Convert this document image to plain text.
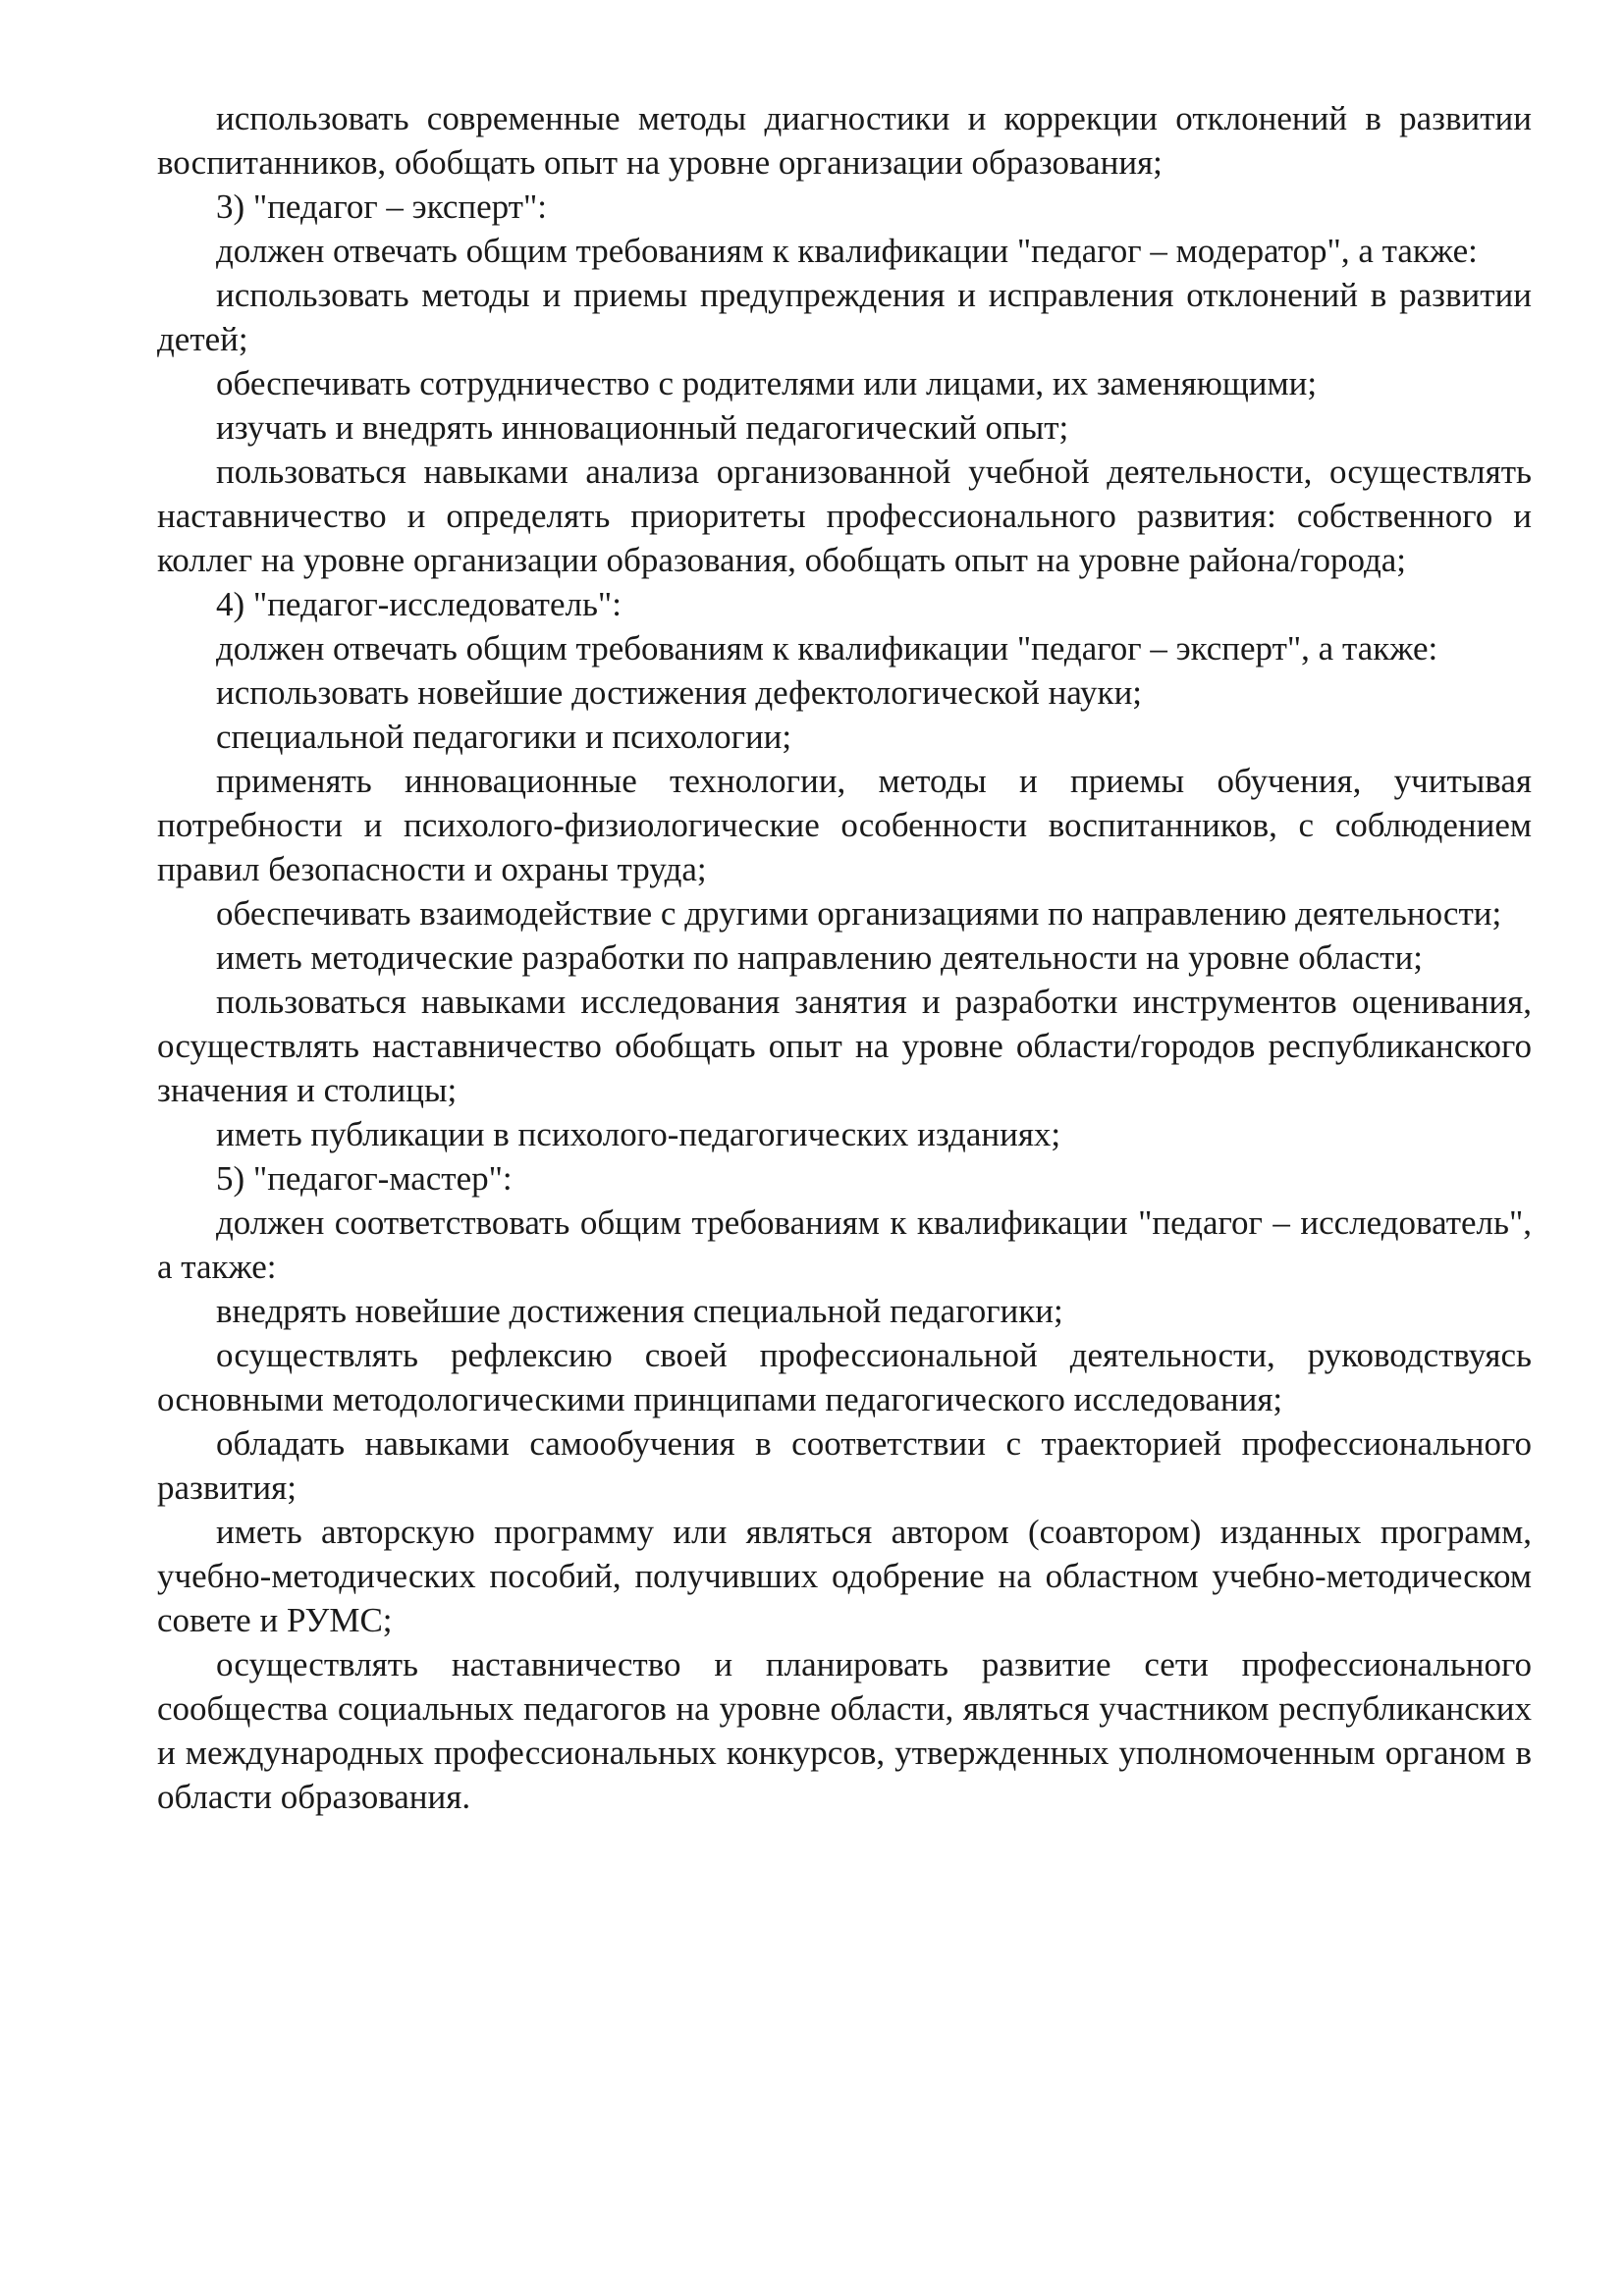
использовать современные методы диагностики и коррекции отклонений в развитии воспитанников, обобщать опыт на уровне организации образования;

3) "педагог – эксперт":

должен отвечать общим требованиям к квалификации "педагог – модератор", а также:

использовать методы и приемы предупреждения и исправления отклонений в развитии детей;

обеспечивать сотрудничество с родителями или лицами, их заменяющими;

изучать и внедрять инновационный педагогический опыт;

пользоваться навыками анализа организованной учебной деятельности, осуществлять наставничество и определять приоритеты профессионального развития: собственного и коллег на уровне организации образования, обобщать опыт на уровне района/города;

4) "педагог-исследователь":

должен отвечать общим требованиям к квалификации "педагог – эксперт", а также:

использовать новейшие достижения дефектологической науки;

специальной педагогики и психологии;

применять инновационные технологии, методы и приемы обучения, учитывая потребности и психолого-физиологические особенности воспитанников, с соблюдением правил безопасности и охраны труда;

обеспечивать взаимодействие с другими организациями по направлению деятельности;

иметь методические разработки по направлению деятельности на уровне области;

пользоваться навыками исследования занятия и разработки инструментов оценивания, осуществлять наставничество обобщать опыт на уровне области/городов республиканского значения и столицы;

иметь публикации в психолого-педагогических изданиях;

5) "педагог-мастер":

должен соответствовать общим требованиям к квалификации "педагог – исследователь", а также:

внедрять новейшие достижения специальной педагогики;

осуществлять рефлексию своей профессиональной деятельности, руководствуясь основными методологическими принципами педагогического исследования;

обладать навыками самообучения в соответствии с траекторией профессионального развития;

иметь авторскую программу или являться автором (соавтором) изданных программ, учебно-методических пособий, получивших одобрение на областном учебно-методическом совете и РУМС;

осуществлять наставничество и планировать развитие сети профессионального сообщества социальных педагогов на уровне области, являться участником республиканских и международных профессиональных конкурсов, утвержденных уполномоченным органом в области образования.
